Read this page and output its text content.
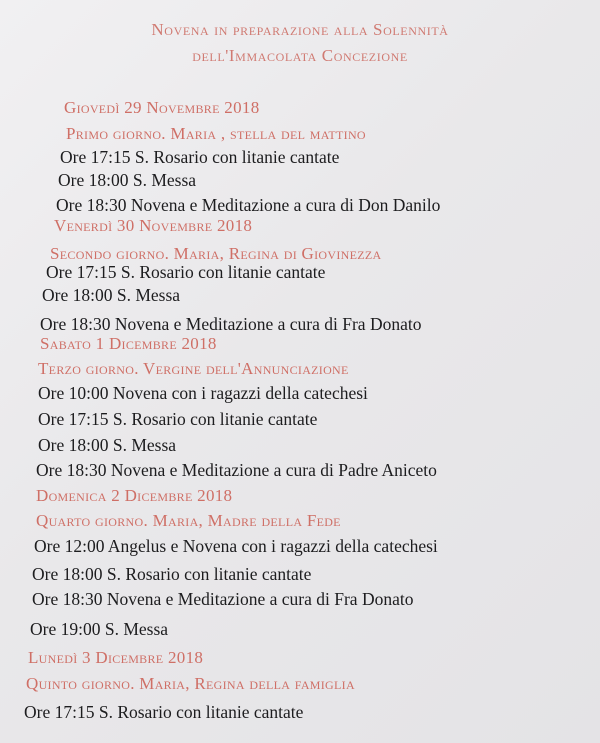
Novena in preparazione alla Solennità
dell'Immacolata Concezione
Giovedì 29 Novembre 2018
Primo giorno. Maria , stella del mattino
Ore 17:15 S. Rosario con litanie cantate
Ore 18:00 S. Messa
Ore 18:30 Novena e Meditazione a cura di Don Danilo
Venerdì 30 Novembre 2018
Secondo giorno. Maria, Regina di Giovinezza
Ore 17:15 S. Rosario con litanie cantate
Ore 18:00 S. Messa
Ore 18:30 Novena e Meditazione a cura di Fra Donato
Sabato 1 Dicembre 2018
Terzo giorno. Vergine dell'Annunciazione
Ore 10:00 Novena con i ragazzi della catechesi
Ore 17:15 S. Rosario con litanie cantate
Ore 18:00 S. Messa
Ore 18:30 Novena e Meditazione a cura di Padre Aniceto
Domenica 2 Dicembre 2018
Quarto giorno. Maria, Madre della Fede
Ore 12:00 Angelus e Novena con i ragazzi della catechesi
Ore 18:00 S. Rosario con litanie cantate
Ore 18:30 Novena e Meditazione a cura di Fra Donato
Ore 19:00 S. Messa
Lunedì 3 Dicembre 2018
Quinto giorno. Maria, Regina della famiglia
Ore 17:15 S. Rosario con litanie cantate
